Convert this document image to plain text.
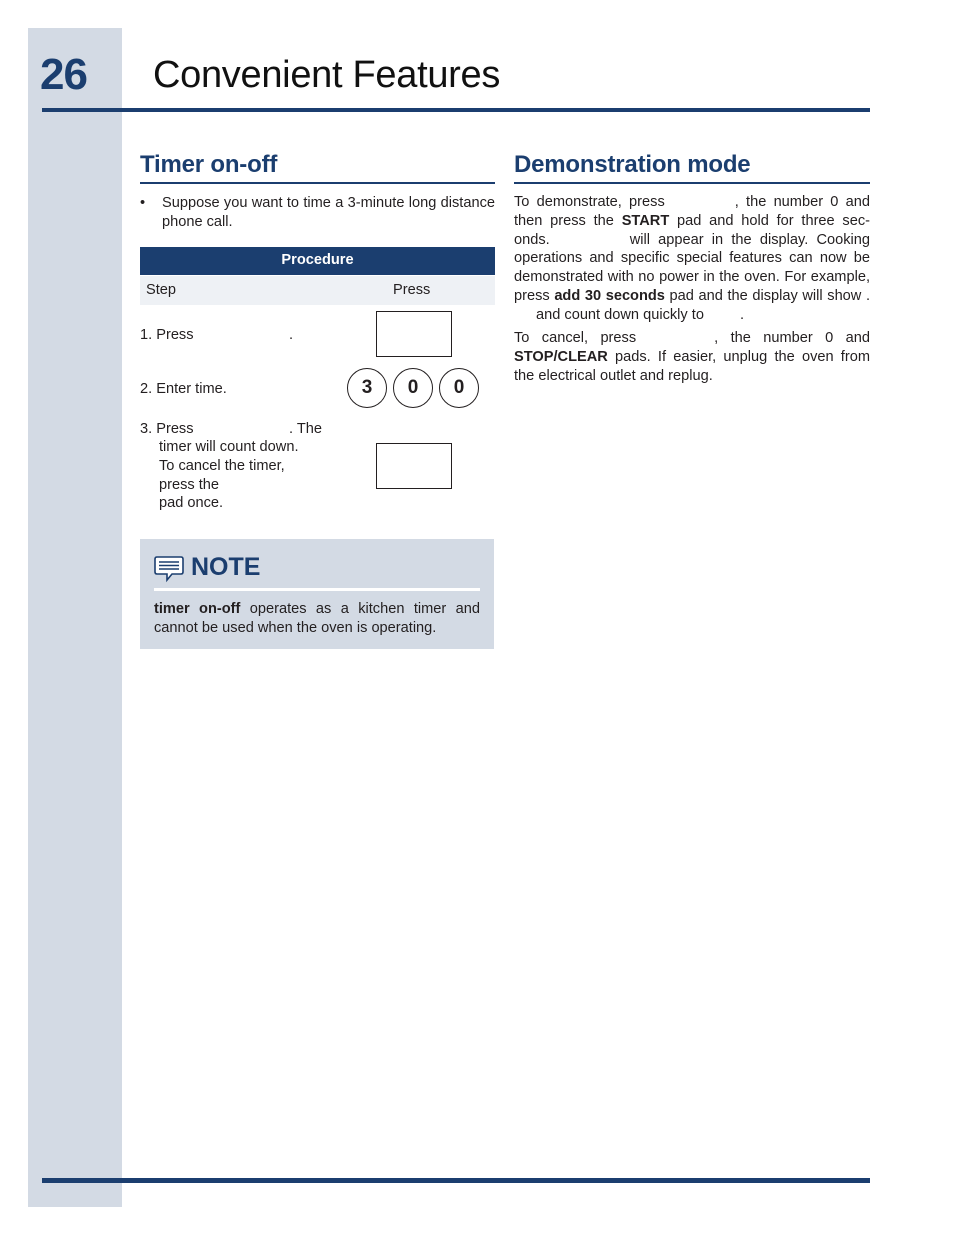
26 Convenient Features
Timer on-off
• Suppose you want to time a 3-minute long distance phone call.
Procedure
Step	Press
1. Press	.
2. Enter time.	3	0	0
3. Press	. The
timer will count down.
To cancel the timer,
press the
pad once.
NOTE
timer on-off operates as a kitchen timer and cannot be used when the oven is operating.
Demonstration mode

To demonstrate, press	, the number 0 and then press the START pad and hold for three sec-onds.	will appear in the display. Cooking operations and specific special features can now be demonstrated with no power in the oven. For example, press add 30 seconds pad and the display will show .and count down quickly to .

To cancel, press	, the number 0 and STOP/CLEAR pads. If easier, unplug the oven from the electrical outlet and replug.
